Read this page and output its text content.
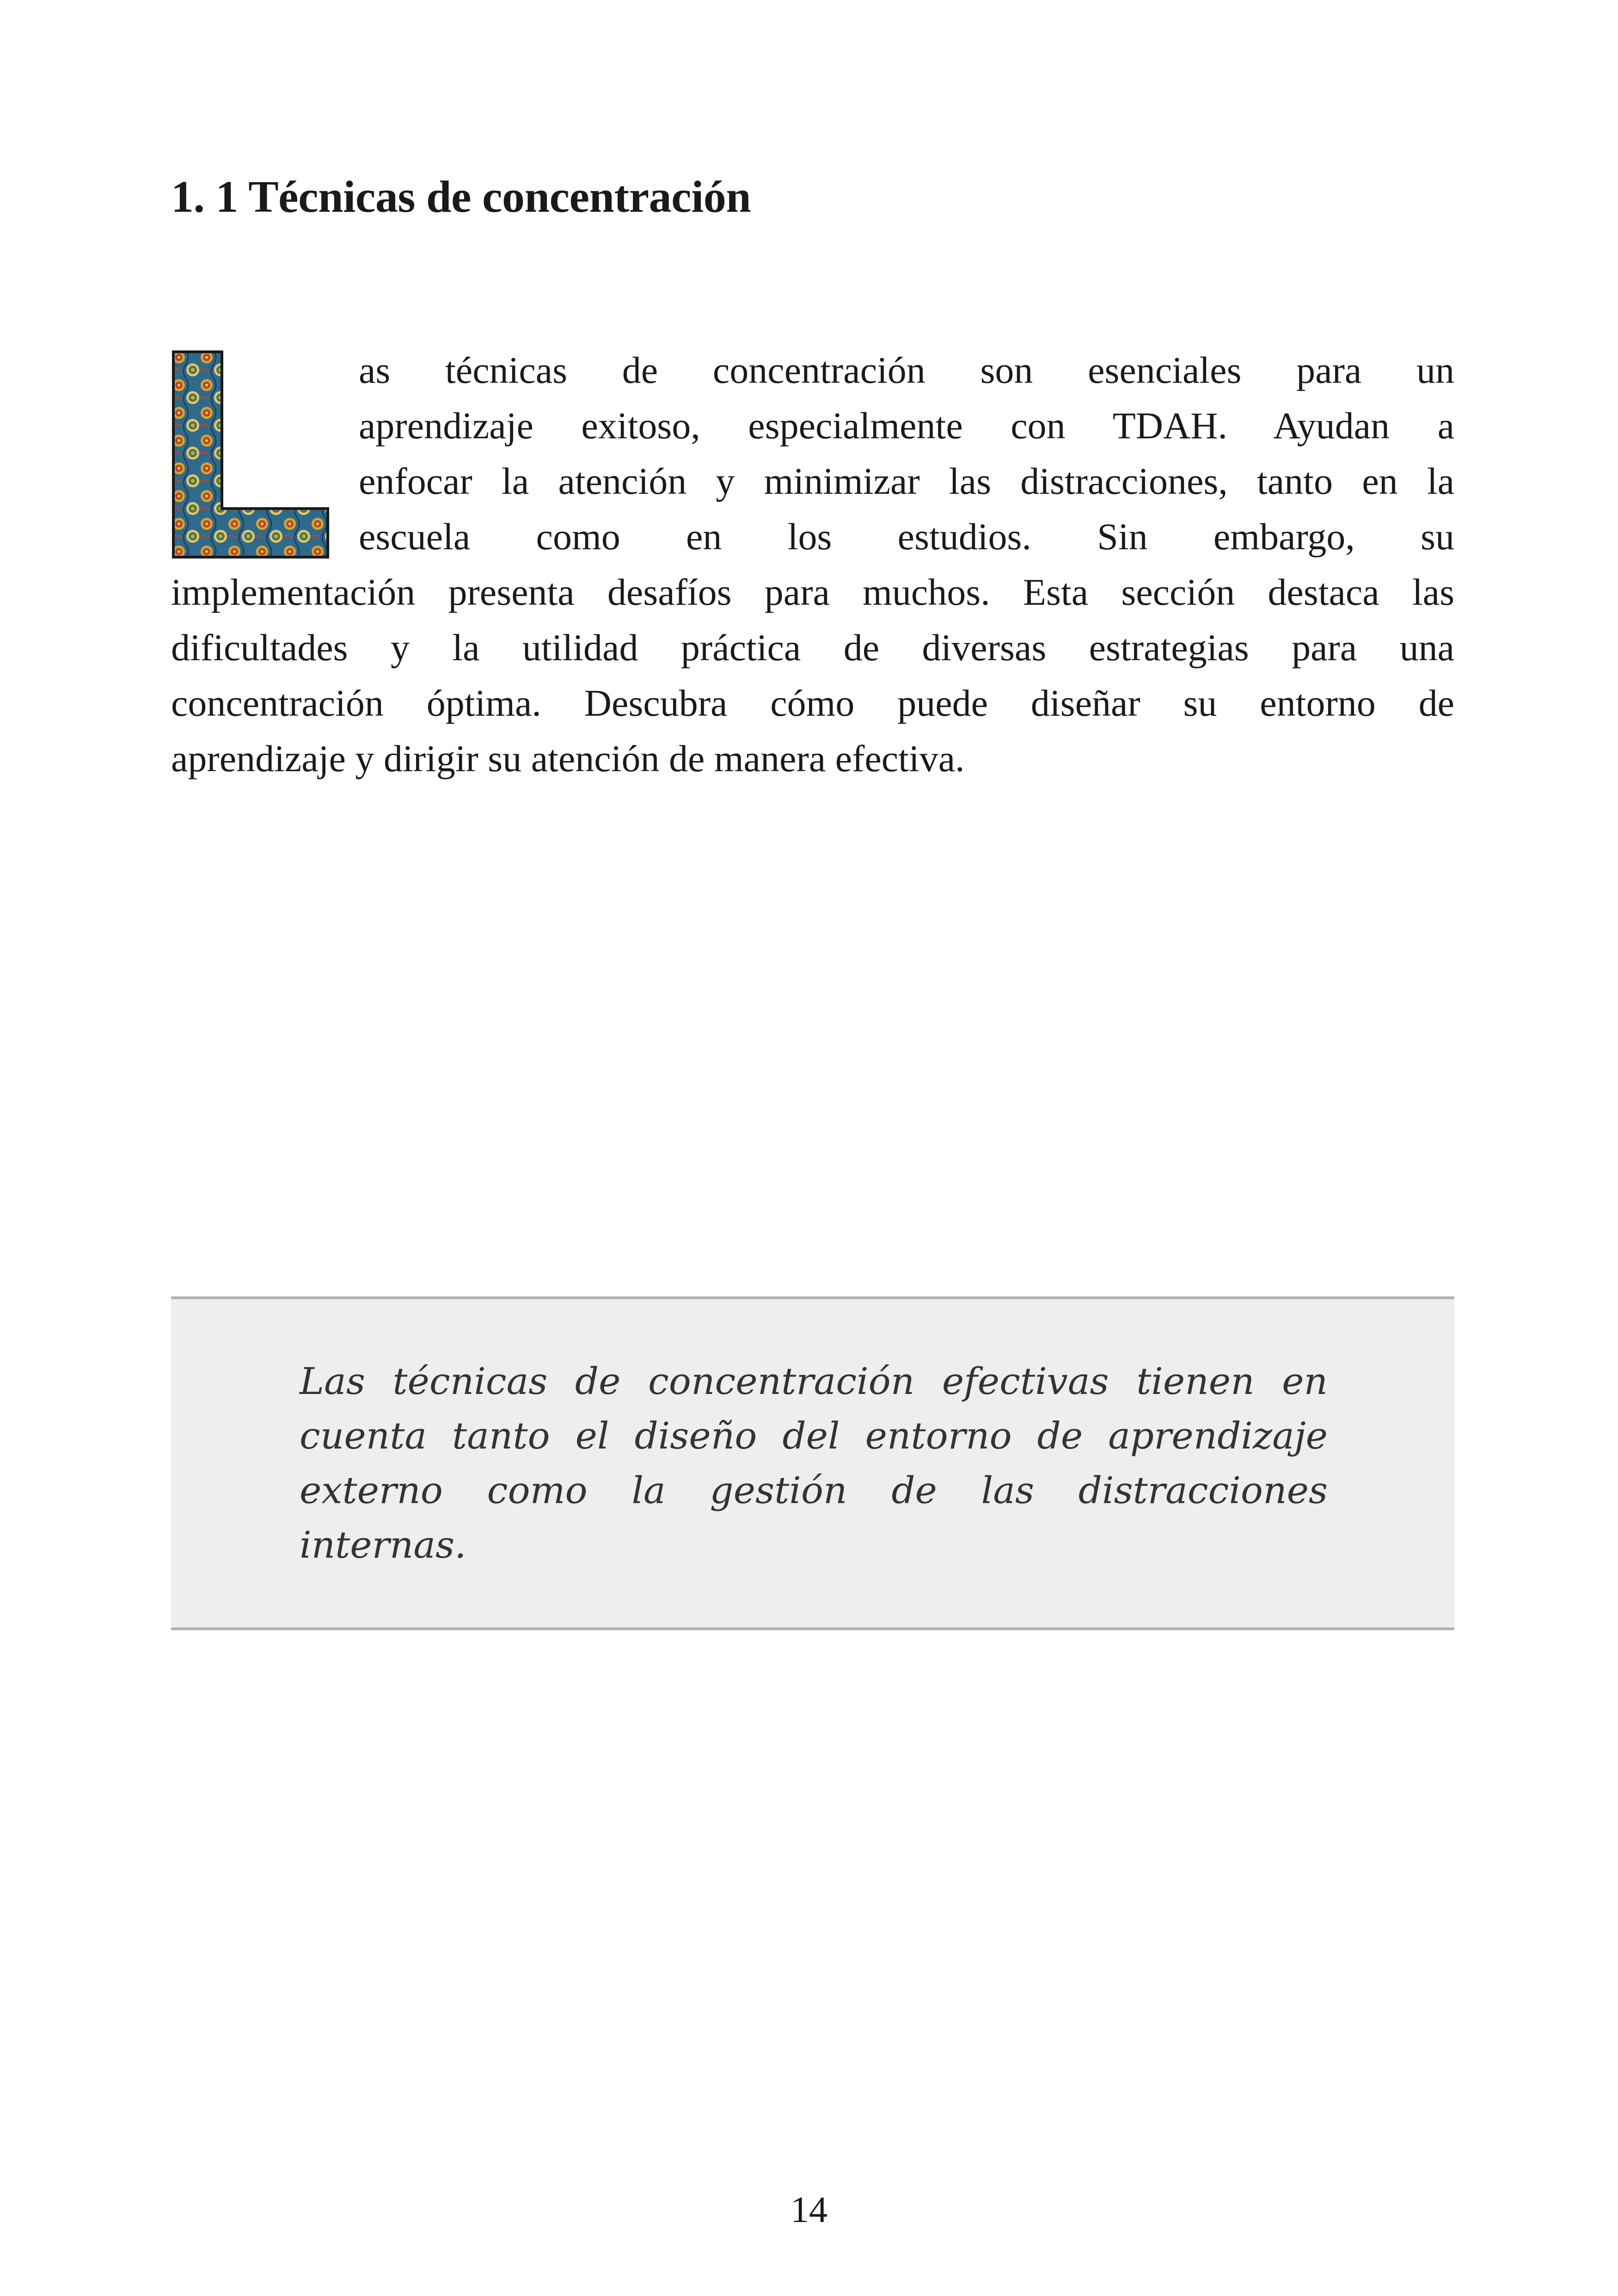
1. 1 Técnicas de concentración

as técnicas de concentración son esenciales para un

aprendizaje exitoso, especialmente con TDAH. Ayudan a

enfocar la atención y minimizar las distracciones, tanto en la

escuela como en los estudios. Sin embargo, su

implementación presenta desafíos para muchos. Esta sección destaca las

dificultades y la utilidad práctica de diversas estrategias para una

concentración óptima. Descubra cómo puede diseñar su entorno de

aprendizaje y dirigir su atención de manera efectiva.

Las técnicas de concentración efectivas tienen en

cuenta tanto el diseño del entorno de aprendizaje

externo como la gestión de las distracciones

internas.

14
